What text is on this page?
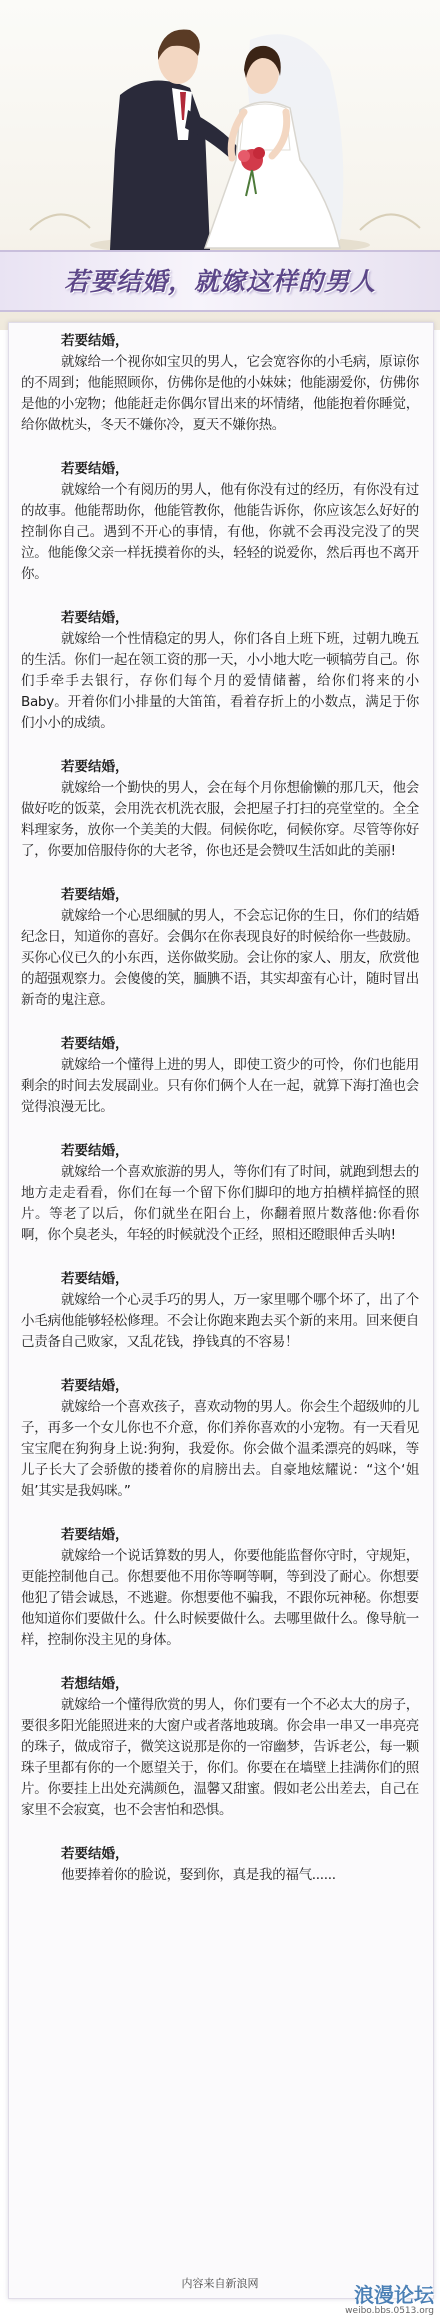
若要结婚，就嫁这样的男人
若要结婚，
就嫁给一个视你如宝贝的男人，它会宽容你的小毛病，原谅你的不周到；他能照顾你，仿佛你是他的小妹妹；他能溺爱你，仿佛你是他的小宠物；他能赶走你偶尔冒出来的坏情绪，他能抱着你睡觉，给你做枕头，冬天不嫌你冷，夏天不嫌你热。
若要结婚，
就嫁给一个有阅历的男人，他有你没有过的经历，有你没有过的故事。他能帮助你，他能管教你，他能告诉你，你应该怎么好好的控制你自己。遇到不开心的事情，有他，你就不会再没完没了的哭泣。他能像父亲一样抚摸着你的头，轻轻的说爱你，然后再也不离开你。
若要结婚，
就嫁给一个性情稳定的男人，你们各自上班下班，过朝九晚五的生活。你们一起在领工资的那一天，小小地大吃一顿犒劳自己。你们手牵手去银行，存你们每个月的爱情储蓄，给你们将来的小Baby。开着你们小排量的大笛笛，看着存折上的小数点，满足于你们小小的成绩。
若要结婚，
就嫁给一个勤快的男人，会在每个月你想偷懒的那几天，他会做好吃的饭菜，会用洗衣机洗衣服，会把屋子打扫的亮堂堂的。全全料理家务，放你一个美美的大假。伺候你吃，伺候你穿。尽管等你好了，你要加倍服侍你的大老爷，你也还是会赞叹生活如此的美丽!
若要结婚，
就嫁给一个心思细腻的男人，不会忘记你的生日，你们的结婚纪念日，知道你的喜好。会偶尔在你表现良好的时候给你一些鼓励。买你心仪已久的小东西，送你做奖励。会让你的家人、朋友，欣赏他的超强观察力。会傻傻的笑，腼腆不语，其实却蛮有心计，随时冒出新奇的鬼注意。
若要结婚，
就嫁给一个懂得上进的男人，即使工资少的可怜，你们也能用剩余的时间去发展副业。只有你们俩个人在一起，就算下海打渔也会觉得浪漫无比。
若要结婚，
就嫁给一个喜欢旅游的男人，等你们有了时间，就跑到想去的地方走走看看，你们在每一个留下你们脚印的地方拍横样搞怪的照片。等老了以后，你们就坐在阳台上，你翻着照片数落他:你看你啊，你个臭老头，年轻的时候就没个正经，照相还瞪眼伸舌头呐!
若要结婚，
就嫁给一个心灵手巧的男人，万一家里哪个哪个坏了，出了个小毛病他能够轻松修理。不会让你跑来跑去买个新的来用。回来便自己责备自己败家，又乱花钱，挣钱真的不容易！
若要结婚，
就嫁给一个喜欢孩子，喜欢动物的男人。你会生个超级帅的儿子，再多一个女儿你也不介意，你们养你喜欢的小宠物。有一天看见宝宝爬在狗狗身上说:狗狗，我爱你。你会做个温柔漂亮的妈咪，等儿子长大了会骄傲的搂着你的肩膀出去。自豪地炫耀说：“这个‘姐姐’其实是我妈咪。”
若要结婚，
就嫁给一个说话算数的男人，你要他能监督你守时，守规矩，更能控制他自己。你想要他不用你等啊等啊，等到没了耐心。你想要他犯了错会诚恳，不逃避。你想要他不骗我，不跟你玩神秘。你想要他知道你们要做什么。什么时候要做什么。去哪里做什么。像导航一样，控制你没主见的身体。
若想结婚，
就嫁给一个懂得欣赏的男人，你们要有一个不必太大的房子，要很多阳光能照进来的大窗户或者落地玻璃。你会串一串又一串亮亮的珠子，做成帘子，微笑这说那是你的一帘幽梦，告诉老公，每一颗珠子里都有你的一个愿望关于，你们。你要在在墙壁上挂满你们的照片。你要挂上出处充满颜色，温馨又甜蜜。假如老公出差去，自己在家里不会寂寞，也不会害怕和恐惧。
若要结婚，
他要捧着你的脸说，娶到你，真是我的福气......
内容来自新浪网	浪漫论坛
weibo.bbs.0513.org
